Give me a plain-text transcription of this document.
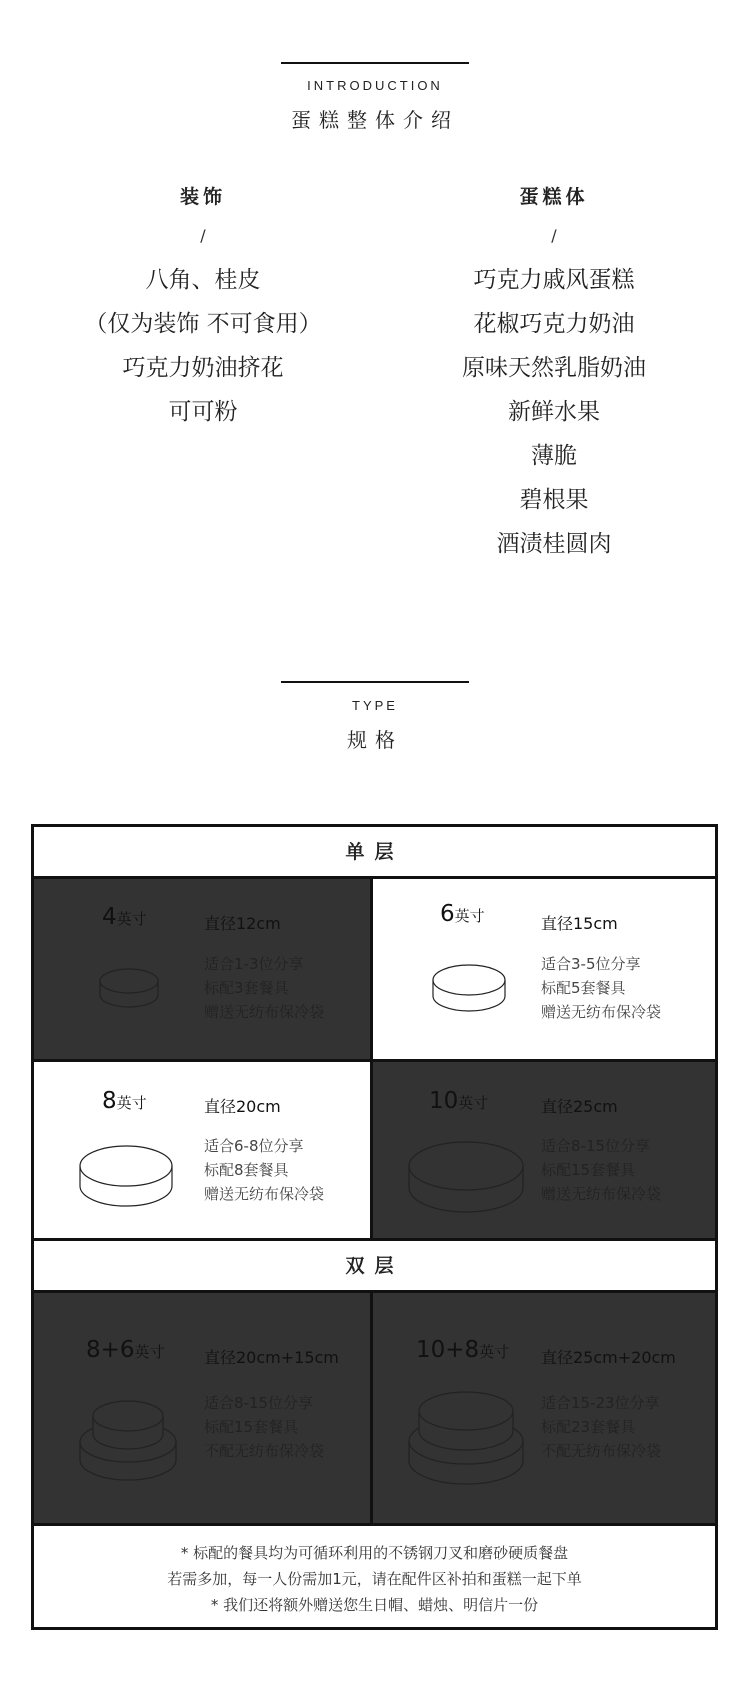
INTRODUCTION
蛋糕整体介绍
装饰
/
八角、桂皮
（仅为装饰 不可食用）
巧克力奶油挤花
可可粉
蛋糕体
/
巧克力戚风蛋糕
花椒巧克力奶油
原味天然乳脂奶油
新鲜水果
薄脆
碧根果
酒渍桂圆肉
TYPE
规格
单层
4英寸	直径12cm
适合1-3位分享
标配3套餐具
赠送无纺布保冷袋
6英寸	直径15cm
适合3-5位分享
标配5套餐具
赠送无纺布保冷袋
8英寸	直径20cm
适合6-8位分享
标配8套餐具
赠送无纺布保冷袋
10英寸	直径25cm
适合8-15位分享
标配15套餐具
赠送无纺布保冷袋
双层
8+6英寸 直径20cm+15cm
适合8-15位分享
标配15套餐具
不配无纺布保冷袋
10+8英寸 直径25cm+20cm
适合15-23位分享
标配23套餐具
不配无纺布保冷袋
* 标配的餐具均为可循环利用的不锈钢刀叉和磨砂硬质餐盘
若需多加，每一人份需加1元，请在配件区补拍和蛋糕一起下单
* 我们还将额外赠送您生日帽、蜡烛、明信片一份
